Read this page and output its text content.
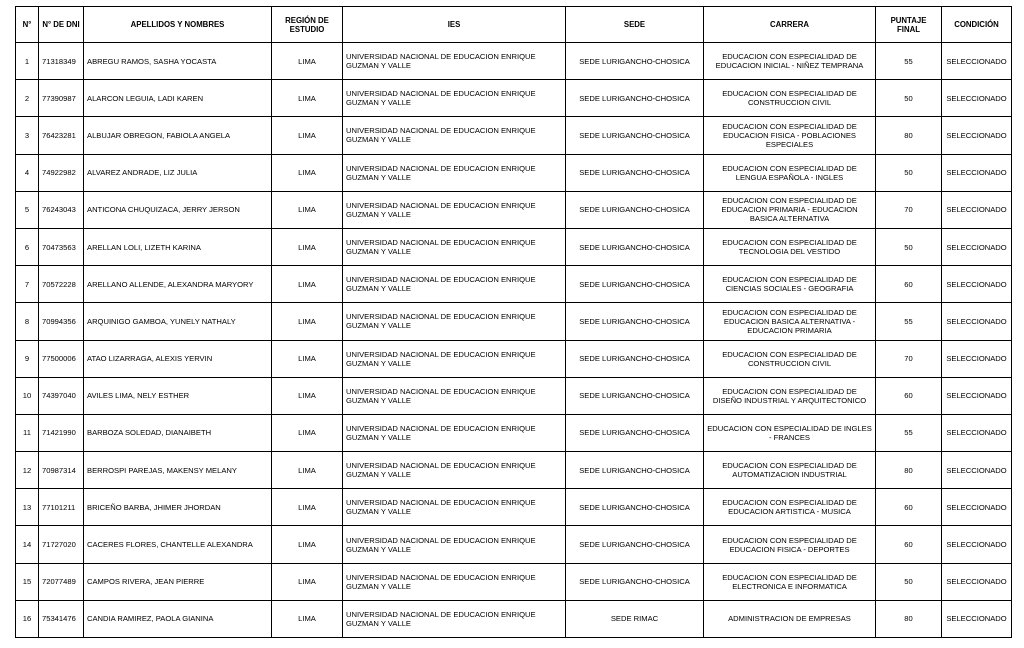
N°	N° DE DNI	APELLIDOS Y NOMBRES	REGIÓN DE ESTUDIO	IES	SEDE	CARRERA	PUNTAJE FINAL	CONDICIÓN
1	71318349	ABREGU RAMOS, SASHA YOCASTA	LIMA	UNIVERSIDAD NACIONAL DE EDUCACION ENRIQUE GUZMAN Y VALLE	SEDE LURIGANCHO-CHOSICA	EDUCACION CON ESPECIALIDAD DE EDUCACION INICIAL - NIÑEZ TEMPRANA	55	SELECCIONADO
2	77390987	ALARCON LEGUIA, LADI KAREN	LIMA	UNIVERSIDAD NACIONAL DE EDUCACION ENRIQUE GUZMAN Y VALLE	SEDE LURIGANCHO-CHOSICA	EDUCACION CON ESPECIALIDAD DE CONSTRUCCION CIVIL	50	SELECCIONADO
3	76423281	ALBUJAR OBREGON, FABIOLA ANGELA	LIMA	UNIVERSIDAD NACIONAL DE EDUCACION ENRIQUE GUZMAN Y VALLE	SEDE LURIGANCHO-CHOSICA	EDUCACION CON ESPECIALIDAD DE EDUCACION FISICA - POBLACIONES ESPECIALES	80	SELECCIONADO
4	74922982	ALVAREZ ANDRADE, LIZ JULIA	LIMA	UNIVERSIDAD NACIONAL DE EDUCACION ENRIQUE GUZMAN Y VALLE	SEDE LURIGANCHO-CHOSICA	EDUCACION CON ESPECIALIDAD DE LENGUA ESPAÑOLA - INGLES	50	SELECCIONADO
5	76243043	ANTICONA CHUQUIZACA, JERRY JERSON	LIMA	UNIVERSIDAD NACIONAL DE EDUCACION ENRIQUE GUZMAN Y VALLE	SEDE LURIGANCHO-CHOSICA	EDUCACION CON ESPECIALIDAD DE EDUCACION PRIMARIA - EDUCACION BASICA ALTERNATIVA	70	SELECCIONADO
6	70473563	ARELLAN LOLI, LIZETH KARINA	LIMA	UNIVERSIDAD NACIONAL DE EDUCACION ENRIQUE GUZMAN Y VALLE	SEDE LURIGANCHO-CHOSICA	EDUCACION CON ESPECIALIDAD DE TECNOLOGIA DEL VESTIDO	50	SELECCIONADO
7	70572228	ARELLANO ALLENDE, ALEXANDRA MARYORY	LIMA	UNIVERSIDAD NACIONAL DE EDUCACION ENRIQUE GUZMAN Y VALLE	SEDE LURIGANCHO-CHOSICA	EDUCACION CON ESPECIALIDAD DE CIENCIAS SOCIALES - GEOGRAFIA	60	SELECCIONADO
8	70994356	ARQUINIGO GAMBOA, YUNELY NATHALY	LIMA	UNIVERSIDAD NACIONAL DE EDUCACION ENRIQUE GUZMAN Y VALLE	SEDE LURIGANCHO-CHOSICA	EDUCACION CON ESPECIALIDAD DE EDUCACION BASICA ALTERNATIVA - EDUCACION PRIMARIA	55	SELECCIONADO
9	77500006	ATAO LIZARRAGA, ALEXIS YERVIN	LIMA	UNIVERSIDAD NACIONAL DE EDUCACION ENRIQUE GUZMAN Y VALLE	SEDE LURIGANCHO-CHOSICA	EDUCACION CON ESPECIALIDAD DE CONSTRUCCION CIVIL	70	SELECCIONADO
10	74397040	AVILES LIMA, NELY ESTHER	LIMA	UNIVERSIDAD NACIONAL DE EDUCACION ENRIQUE GUZMAN Y VALLE	SEDE LURIGANCHO-CHOSICA	EDUCACION CON ESPECIALIDAD DE DISEÑO INDUSTRIAL Y ARQUITECTONICO	60	SELECCIONADO
11	71421990	BARBOZA SOLEDAD, DIANAIBETH	LIMA	UNIVERSIDAD NACIONAL DE EDUCACION ENRIQUE GUZMAN Y VALLE	SEDE LURIGANCHO-CHOSICA	EDUCACION CON ESPECIALIDAD DE INGLES - FRANCES	55	SELECCIONADO
12	70987314	BERROSPI PAREJAS, MAKENSY MELANY	LIMA	UNIVERSIDAD NACIONAL DE EDUCACION ENRIQUE GUZMAN Y VALLE	SEDE LURIGANCHO-CHOSICA	EDUCACION CON ESPECIALIDAD DE AUTOMATIZACION INDUSTRIAL	80	SELECCIONADO
13	77101211	BRICEÑO BARBA, JHIMER JHORDAN	LIMA	UNIVERSIDAD NACIONAL DE EDUCACION ENRIQUE GUZMAN Y VALLE	SEDE LURIGANCHO-CHOSICA	EDUCACION CON ESPECIALIDAD DE EDUCACION ARTISTICA - MUSICA	60	SELECCIONADO
14	71727020	CACERES FLORES, CHANTELLE ALEXANDRA	LIMA	UNIVERSIDAD NACIONAL DE EDUCACION ENRIQUE GUZMAN Y VALLE	SEDE LURIGANCHO-CHOSICA	EDUCACION CON ESPECIALIDAD DE EDUCACION FISICA - DEPORTES	60	SELECCIONADO
15	72077489	CAMPOS RIVERA, JEAN PIERRE	LIMA	UNIVERSIDAD NACIONAL DE EDUCACION ENRIQUE GUZMAN Y VALLE	SEDE LURIGANCHO-CHOSICA	EDUCACION CON ESPECIALIDAD DE ELECTRONICA E INFORMATICA	50	SELECCIONADO
16	75341476	CANDIA RAMIREZ, PAOLA GIANINA	LIMA	UNIVERSIDAD NACIONAL DE EDUCACION ENRIQUE GUZMAN Y VALLE	SEDE RIMAC	ADMINISTRACION DE EMPRESAS	80	SELECCIONADO
